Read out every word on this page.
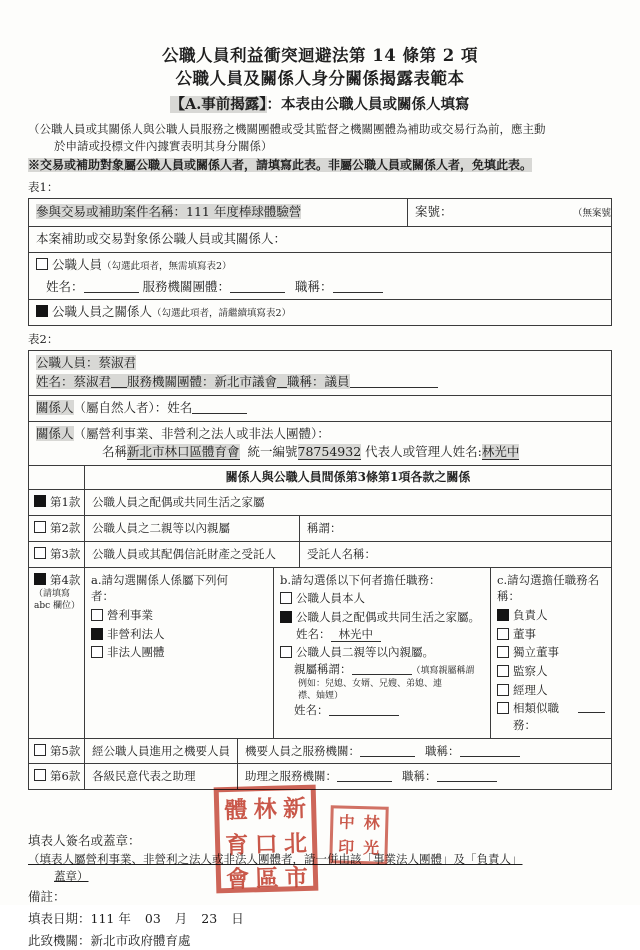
公職人員利益衝突迴避法第 14 條第 2 項
公職人員及關係人身分關係揭露表範本
【A.事前揭露】：本表由公職人員或關係人填寫
（公職人員或其關係人與公職人員服務之機關團體或受其監督之機關團體為補助或交易行為前，應主動
於申請或投標文件內據實表明其身分關係）
※交易或補助對象屬公職人員或關係人者，請填寫此表。非屬公職人員或關係人者，免填此表。
表1：
參與交易或補助案件名稱：111 年度棒球體驗營	案號：	（無案號
本案補助或交易對象係公職人員或其關係人：
公職人員（勾選此項者，無需填寫表2）
姓名：	服務機關團體：	職稱：
公職人員之關係人（勾選此項者，請繼續填寫表2）
表2：
公職人員：蔡淑君
姓名：蔡淑君 服務機關團體：新北市議會 職稱：議員
關係人（屬自然人者）：姓名
關係人（屬營利事業、非營利之法人或非法人團體）：
名稱新北市林口區體育會 統一編號78754932 代表人或管理人姓名:林光中
關係人與公職人員間係第3條第1項各款之關係
第1款	公職人員之配偶或共同生活之家屬
第2款	公職人員之二親等以內親屬	稱謂：
第3款	公職人員或其配偶信託財產之受託人	受託人名稱：
第4款
（請填寫
abc 欄位）
a.請勾選關係人係屬下列何
者：
營利事業
非營利法人
非法人團體
b.請勾選係以下何者擔任職務：
公職人員本人
公職人員之配偶或共同生活之家屬。姓名： 林光中
公職人員二親等以內親屬。
親屬稱謂：	（填寫親屬稱謂
例如：兒媳、女婿、兄嫂、弟媳、連
襟、妯娌）
姓名：
c.請勾選擔任職務名稱：
負責人
董事
獨立董事
監察人
經理人
相類似職務：
第5款	經公職人員進用之機要人員	機要人員之服務機關：	職稱：
第6款	各級民意代表之助理	助理之服務機關：	職稱：
體 林 新
育 口 北
會 區 市
中 林
印 光
填表人簽名或蓋章：
（填表人屬營利事業、非營利之法人或非法人團體者，請一併由該「事業法人團體」及「負責人」
蓋章）
備註：
填表日期：111 年 03 月 23 日
此致機關：新北市政府體育處
